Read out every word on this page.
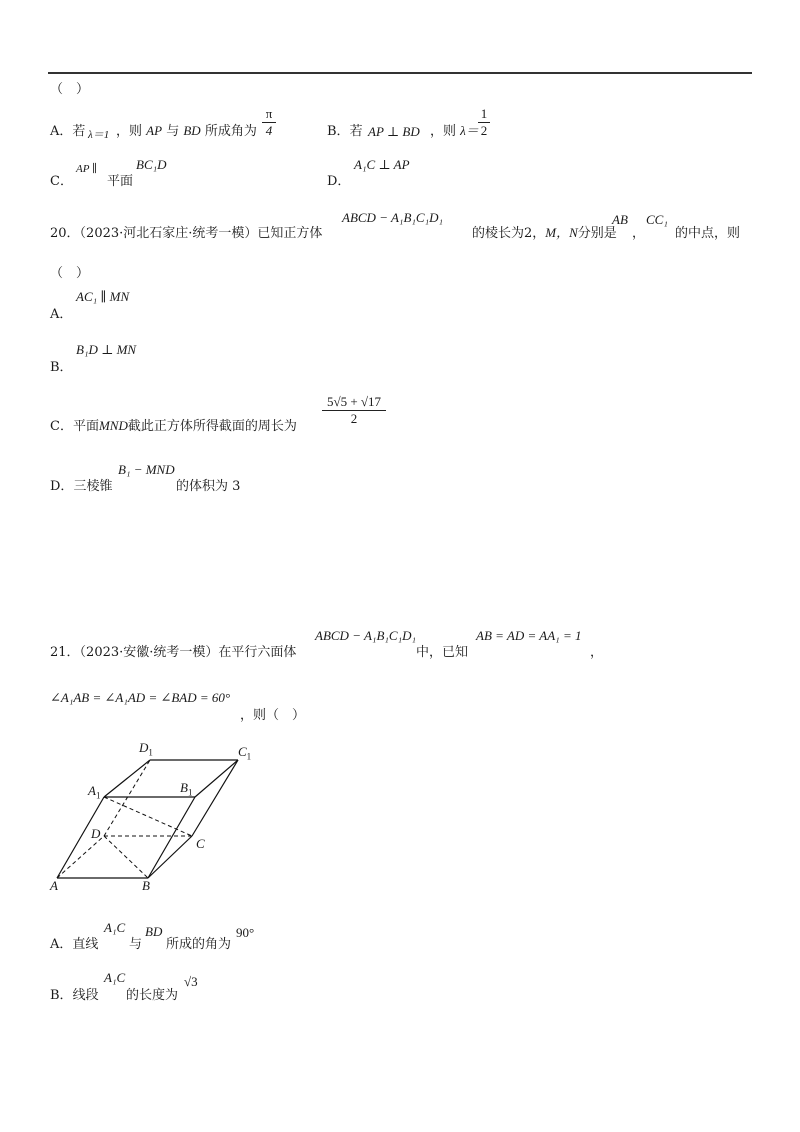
（　）
A．若 λ＝1 ，则 AP 与 BD 所成角为 $\frac{\pi}{4}$	B．若 AP ⊥ BD ，则 $\lambda= \frac{1}{2}$
C．
AP ∥
平面
BC₁D
D．
A₁C ⊥ AP
20．（2023·河北石家庄·统考一模）已知正方体
ABCD − A₁B₁C₁D₁
的棱长为2，M，N分别是
AB
，
CC₁
的中点，则
（　）
A．
AC₁ ∥ MN
B．
B₁D ⊥ MN
C．平面MND截此正方体所得截面的周长为 $\frac{5√5 + √17}{2}$
D．三棱锥
B₁ − MND
的体积为 3
21．（2023·安徽·统考一模）在平行六面体
ABCD − A₁B₁C₁D₁
中，已知
AB = AD = AA₁ = 1
，
∠A₁AB = ∠A₁AD = ∠BAD = 60°
，则（　）
$D_1$	$C_1$
$A_1$
$B_1$
D
C
A	B
A．直线
A₁C
与
BD
所成的角为
90°
B．线段
A₁C
的长度为
√3
